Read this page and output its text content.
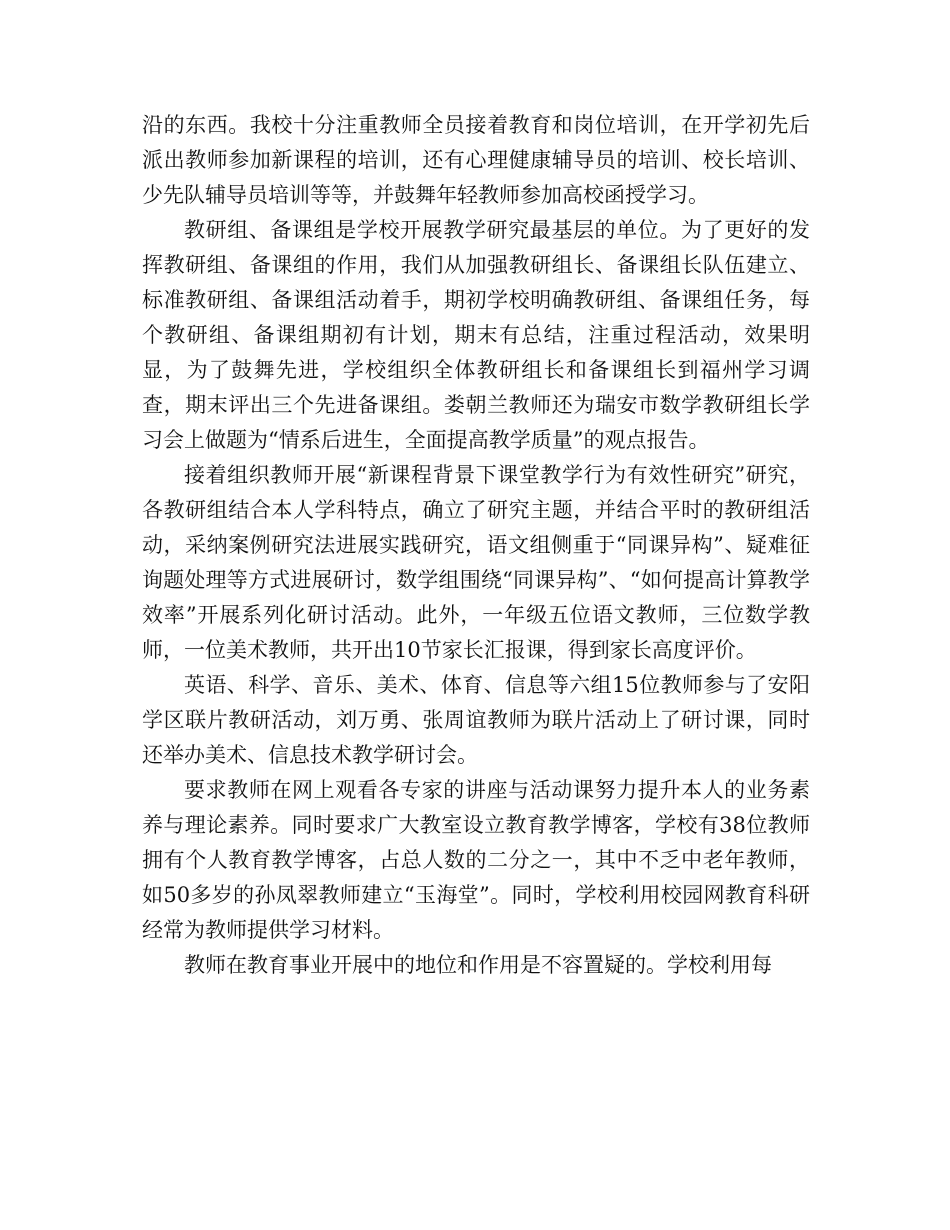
沿的东西。我校十分注重教师全员接着教育和岗位培训，在开学初先后派出教师参加新课程的培训，还有心理健康辅导员的培训、校长培训、少先队辅导员培训等等，并鼓舞年轻教师参加高校函授学习。

教研组、备课组是学校开展教学研究最基层的单位。为了更好的发挥教研组、备课组的作用，我们从加强教研组长、备课组长队伍建立、标准教研组、备课组活动着手，期初学校明确教研组、备课组任务，每个教研组、备课组期初有计划，期末有总结，注重过程活动，效果明显，为了鼓舞先进，学校组织全体教研组长和备课组长到福州学习调查，期末评出三个先进备课组。娄朝兰教师还为瑞安市数学教研组长学习会上做题为“情系后进生，全面提高教学质量”的观点报告。

接着组织教师开展“新课程背景下课堂教学行为有效性研究”研究，各教研组结合本人学科特点，确立了研究主题，并结合平时的教研组活动，采纳案例研究法进展实践研究，语文组侧重于“同课异构”、疑难征询题处理等方式进展研讨，数学组围绕“同课异构”、“如何提高计算教学效率”开展系列化研讨活动。此外，一年级五位语文教师，三位数学教师，一位美术教师，共开出10节家长汇报课，得到家长高度评价。

英语、科学、音乐、美术、体育、信息等六组15位教师参与了安阳学区联片教研活动，刘万勇、张周谊教师为联片活动上了研讨课，同时还举办美术、信息技术教学研讨会。

要求教师在网上观看各专家的讲座与活动课努力提升本人的业务素养与理论素养。同时要求广大教室设立教育教学博客，学校有38位教师拥有个人教育教学博客，占总人数的二分之一，其中不乏中老年教师，如50多岁的孙凤翠教师建立“玉海堂”。同时，学校利用校园网教育科研经常为教师提供学习材料。

教师在教育事业开展中的地位和作用是不容置疑的。学校利用每
